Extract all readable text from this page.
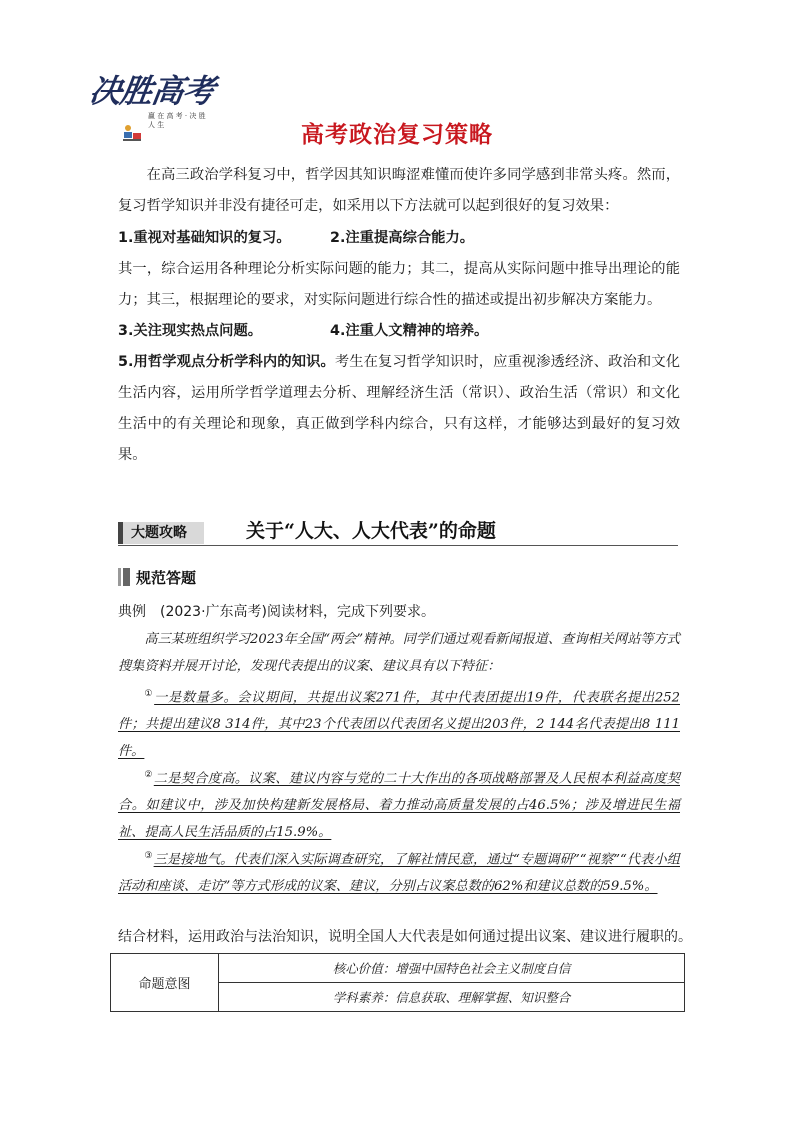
决胜高考
赢 在 高 考 · 决 胜 人 生	高考政治复习策略
在高三政治学科复习中，哲学因其知识晦涩难懂而使许多同学感到非常头疼。然而，复习哲学知识并非没有捷径可走，如采用以下方法就可以起到很好的复习效果：
1.重视对基础知识的复习。	2.注重提高综合能力。
其一，综合运用各种理论分析实际问题的能力；其二，提高从实际问题中推导出理论的能力；其三，根据理论的要求，对实际问题进行综合性的描述或提出初步解决方案能力。
3.关注现实热点问题。	4.注重人文精神的培养。
5.用哲学观点分析学科内的知识。考生在复习哲学知识时，应重视渗透经济、政治和文化生活内容，运用所学哲学道理去分析、理解经济生活（常识）、政治生活（常识）和文化生活中的有关理论和现象，真正做到学科内综合，只有这样，才能够达到最好的复习效果。
大题攻略	关于“人大、人大代表”的命题
规范答题
典例　(2023·广东高考)阅读材料，完成下列要求。
高三某班组织学习2023年全国“两会”精神。同学们通过观看新闻报道、查询相关网站等方式搜集资料并展开讨论，发现代表提出的议案、建议具有以下特征：
①一是数量多。会议期间，共提出议案271件，其中代表团提出19件，代表联名提出252件；共提出建议8 314件，其中23个代表团以代表团名义提出203件，2 144名代表提出8 111件。
②二是契合度高。议案、建议内容与党的二十大作出的各项战略部署及人民根本利益高度契合。如建议中，涉及加快构建新发展格局、着力推动高质量发展的占46.5%；涉及增进民生福祉、提高人民生活品质的占15.9%。
③三是接地气。代表们深入实际调查研究，了解社情民意，通过“专题调研”“视察”“代表小组活动和座谈、走访”等方式形成的议案、建议，分别占议案总数的62%和建议总数的59.5%。
结合材料，运用政治与法治知识，说明全国人大代表是如何通过提出议案、建议进行履职的。
命题意图	核心价值：增强中国特色社会主义制度自信
学科素养：信息获取、理解掌握、知识整合
